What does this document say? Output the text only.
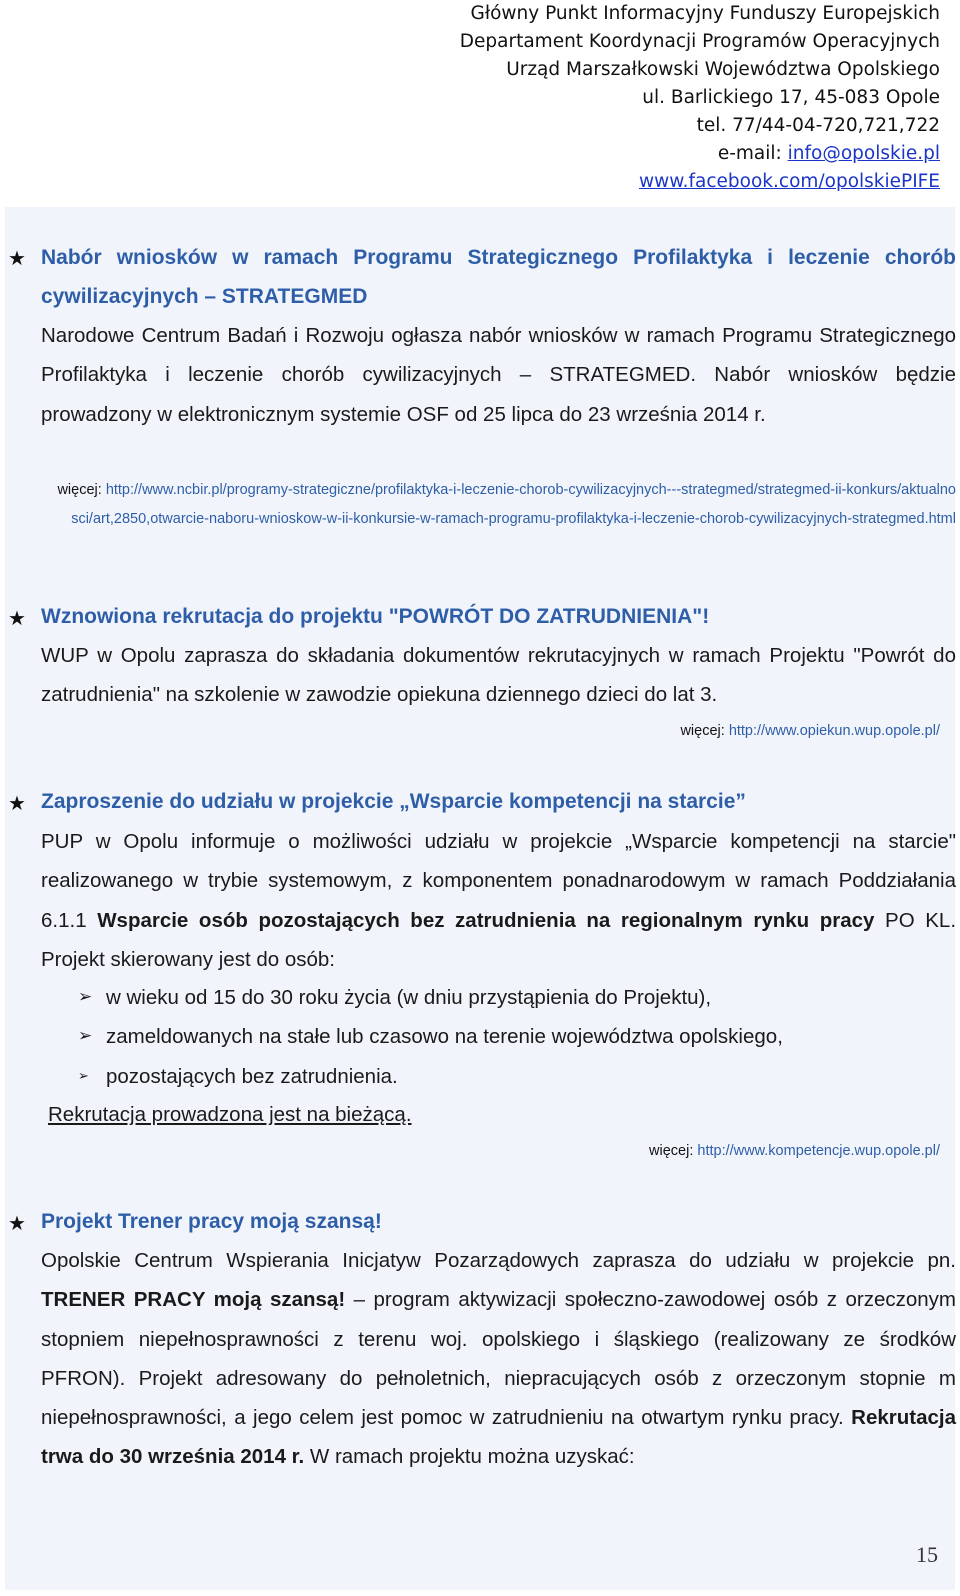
Główny Punkt Informacyjny Funduszy Europejskich
Departament Koordynacji Programów Operacyjnych
Urząd Marszałkowski Województwa Opolskiego
ul. Barlickiego 17, 45-083 Opole
tel. 77/44-04-720,721,722
e-mail: info@opolskie.pl
www.facebook.com/opolskiePIFE
★ Nabór wniosków w ramach Programu Strategicznego Profilaktyka i leczenie chorób cywilizacyjnych – STRATEGMED
Narodowe Centrum Badań i Rozwoju ogłasza nabór wniosków w ramach Programu Strategicznego Profilaktyka i leczenie chorób cywilizacyjnych – STRATEGMED. Nabór wniosków będzie prowadzony w elektronicznym systemie OSF od 25 lipca do 23 września 2014 r.
więcej: http://www.ncbir.pl/programy-strategiczne/profilaktyka-i-leczenie-chorob-cywilizacyjnych---strategmed/strategmed-ii-konkurs/aktualnosci/art,2850,otwarcie-naboru-wnioskow-w-ii-konkursie-w-ramach-programu-profilaktyka-i-leczenie-chorob-cywilizacyjnych-strategmed.html
★ Wznowiona rekrutacja do projektu "POWRÓT DO ZATRUDNIENIA"!
WUP w Opolu zaprasza do składania dokumentów rekrutacyjnych w ramach Projektu "Powrót do zatrudnienia" na szkolenie w zawodzie opiekuna dziennego dzieci do lat 3.
więcej: http://www.opiekun.wup.opole.pl/
★ Zaproszenie do udziału w projekcie „Wsparcie kompetencji na starcie”
PUP w Opolu informuje o możliwości udziału w projekcie „Wsparcie kompetencji na starcie" realizowanego w trybie systemowym, z komponentem ponadnarodowym w ramach Poddziałania 6.1.1 Wsparcie osób pozostających bez zatrudnienia na regionalnym rynku pracy PO KL. Projekt skierowany jest do osób:
➢ w wieku od 15 do 30 roku życia (w dniu przystąpienia do Projektu),
➢ zameldowanych na stałe lub czasowo na terenie województwa opolskiego,
➢ pozostających bez zatrudnienia.
Rekrutacja prowadzona jest na bieżącą.
więcej: http://www.kompetencje.wup.opole.pl/
★ Projekt Trener pracy moją szansą!
Opolskie Centrum Wspierania Inicjatyw Pozarządowych zaprasza do udziału w projekcie pn. TRENER PRACY moją szansą! – program aktywizacji społeczno-zawodowej osób z orzeczonym stopniem niepełnosprawności z terenu woj. opolskiego i śląskiego (realizowany ze środków PFRON). Projekt adresowany do pełnoletnich, niepracujących osób z orzeczonym stopnie m niepełnosprawności, a jego celem jest pomoc w zatrudnieniu na otwartym rynku pracy. Rekrutacja trwa do 30 września 2014 r. W ramach projektu można uzyskać:
15
